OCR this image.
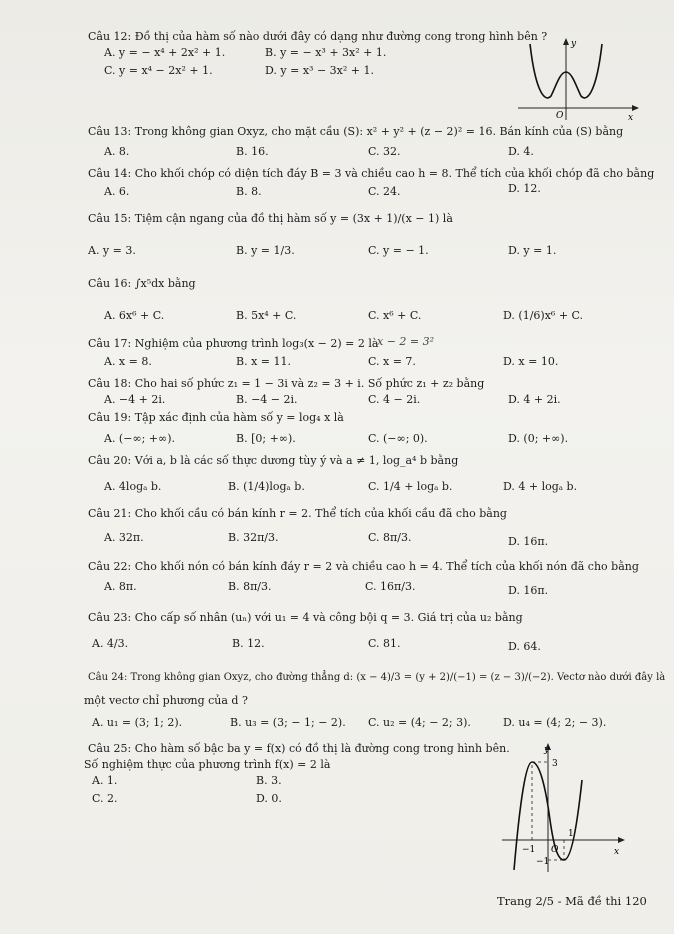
Câu 12: Đồ thị của hàm số nào dưới đây có dạng như đường cong trong hình bên ?
A. y = − x⁴ + 2x² + 1.	B. y = − x³ + 3x² + 1.
C. y = x⁴ − 2x² + 1.	D. y = x³ − 3x² + 1.
y
x
O
Câu 13: Trong không gian Oxyz, cho mặt cầu (S): x² + y² + (z − 2)² = 16. Bán kính của (S) bằng
A. 8.	B. 16.	C. 32.	D. 4.
Câu 14: Cho khối chóp có diện tích đáy B = 3 và chiều cao h = 8. Thể tích của khối chóp đã cho bằng
A. 6.	B. 8.	C. 24.	D. 12.
Câu 15: Tiệm cận ngang của đồ thị hàm số y = (3x + 1)/(x − 1) là
A. y = 3.	B. y = 1/3.	C. y = − 1.	D. y = 1.
Câu 16: ∫x⁵dx bằng
A. 6x⁶ + C.	B. 5x⁴ + C.	C. x⁶ + C.	D. (1/6)x⁶ + C.
Câu 17: Nghiệm của phương trình log₃(x − 2) = 2 là
x − 2 = 3²
A. x = 8.	B. x = 11.	C. x = 7.	D. x = 10.
Câu 18: Cho hai số phức z₁ = 1 − 3i và z₂ = 3 + i. Số phức z₁ + z₂ bằng
A. −4 + 2i.	B. −4 − 2i.	C. 4 − 2i.	D. 4 + 2i.
Câu 19: Tập xác định của hàm số y = log₄ x là
A. (−∞; +∞).	B. [0; +∞).	C. (−∞; 0).	D. (0; +∞).
Câu 20: Với a, b là các số thực dương tùy ý và a ≠ 1, log_a⁴ b bằng
A. 4logₐ b.	B. (1/4)logₐ b.	C. 1/4 + logₐ b.	D. 4 + logₐ b.
Câu 21: Cho khối cầu có bán kính r = 2. Thể tích của khối cầu đã cho bằng
A. 32π.	B. 32π/3.	C. 8π/3.	D. 16π.
Câu 22: Cho khối nón có bán kính đáy r = 2 và chiều cao h = 4. Thể tích của khối nón đã cho bằng
A. 8π.	B. 8π/3.	C. 16π/3.	D. 16π.
Câu 23: Cho cấp số nhân (uₙ) với u₁ = 4 và công bội q = 3. Giá trị của u₂ bằng
A. 4/3.	B. 12.	C. 81.	D. 64.
Câu 24: Trong không gian Oxyz, cho đường thẳng d: (x − 4)/3 = (y + 2)/(−1) = (z − 3)/(−2). Vectơ nào dưới đây là
một vectơ chỉ phương của d ?
A. u₁ = (3; 1; 2).	B. u₃ = (3; − 1; − 2). C. u₂ = (4; − 2; 3).	D. u₄ = (4; 2; − 3).
Câu 25: Cho hàm số bậc ba y = f(x) có đồ thị là đường cong trong hình bên.
Số nghiệm thực của phương trình f(x) = 2 là
A. 1.	B. 3.
C. 2.	D. 0.
y
x
O
3
1
−1
−1
Trang 2/5 - Mã đề thi 120
